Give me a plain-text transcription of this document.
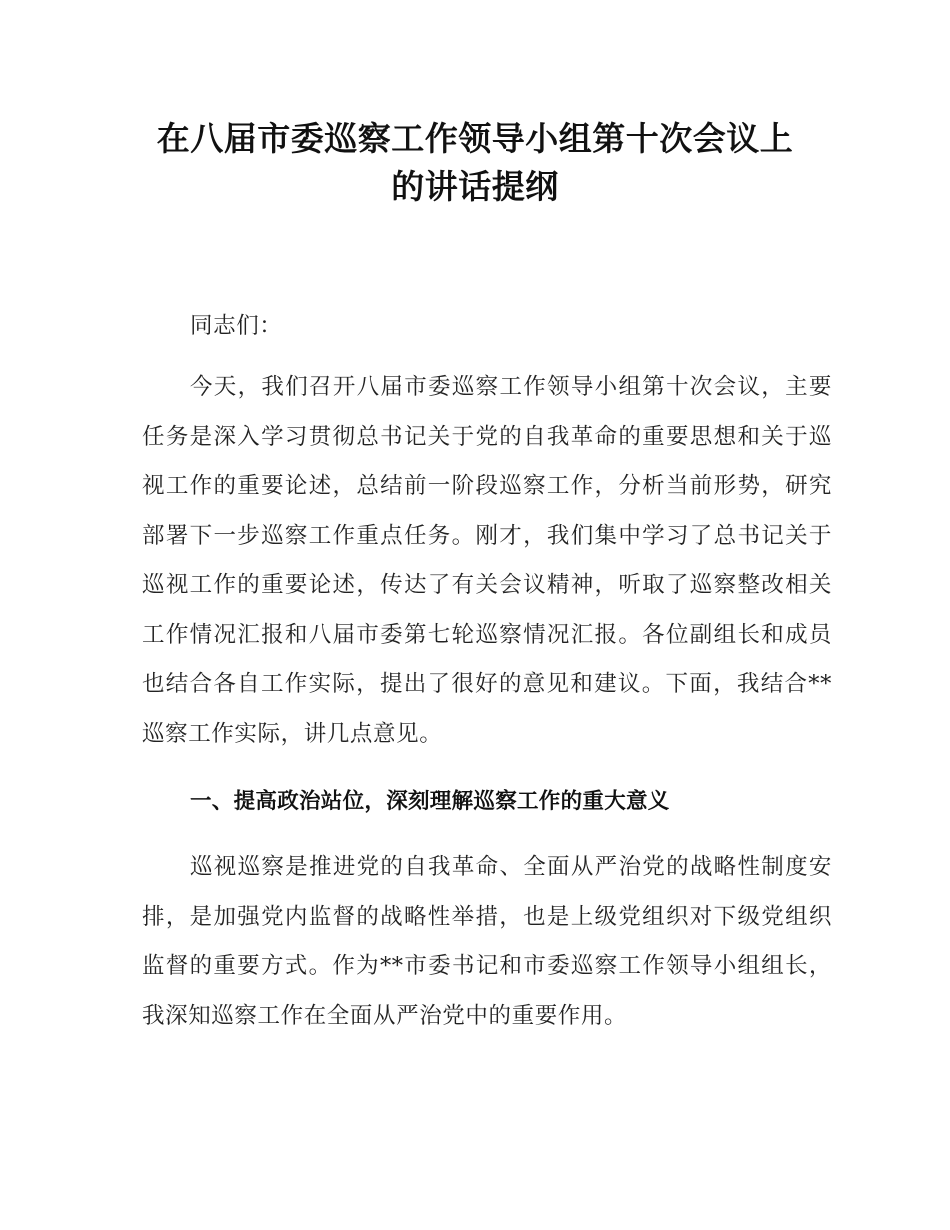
在八届市委巡察工作领导小组第十次会议上
的讲话提纲

同志们：

今天，我们召开八届市委巡察工作领导小组第十次会议，主要任务是深入学习贯彻总书记关于党的自我革命的重要思想和关于巡视工作的重要论述，总结前一阶段巡察工作，分析当前形势，研究部署下一步巡察工作重点任务。刚才，我们集中学习了总书记关于巡视工作的重要论述，传达了有关会议精神，听取了巡察整改相关工作情况汇报和八届市委第七轮巡察情况汇报。各位副组长和成员也结合各自工作实际，提出了很好的意见和建议。下面，我结合**巡察工作实际，讲几点意见。

一、提高政治站位，深刻理解巡察工作的重大意义

巡视巡察是推进党的自我革命、全面从严治党的战略性制度安排，是加强党内监督的战略性举措，也是上级党组织对下级党组织监督的重要方式。作为**市委书记和市委巡察工作领导小组组长，我深知巡察工作在全面从严治党中的重要作用。
